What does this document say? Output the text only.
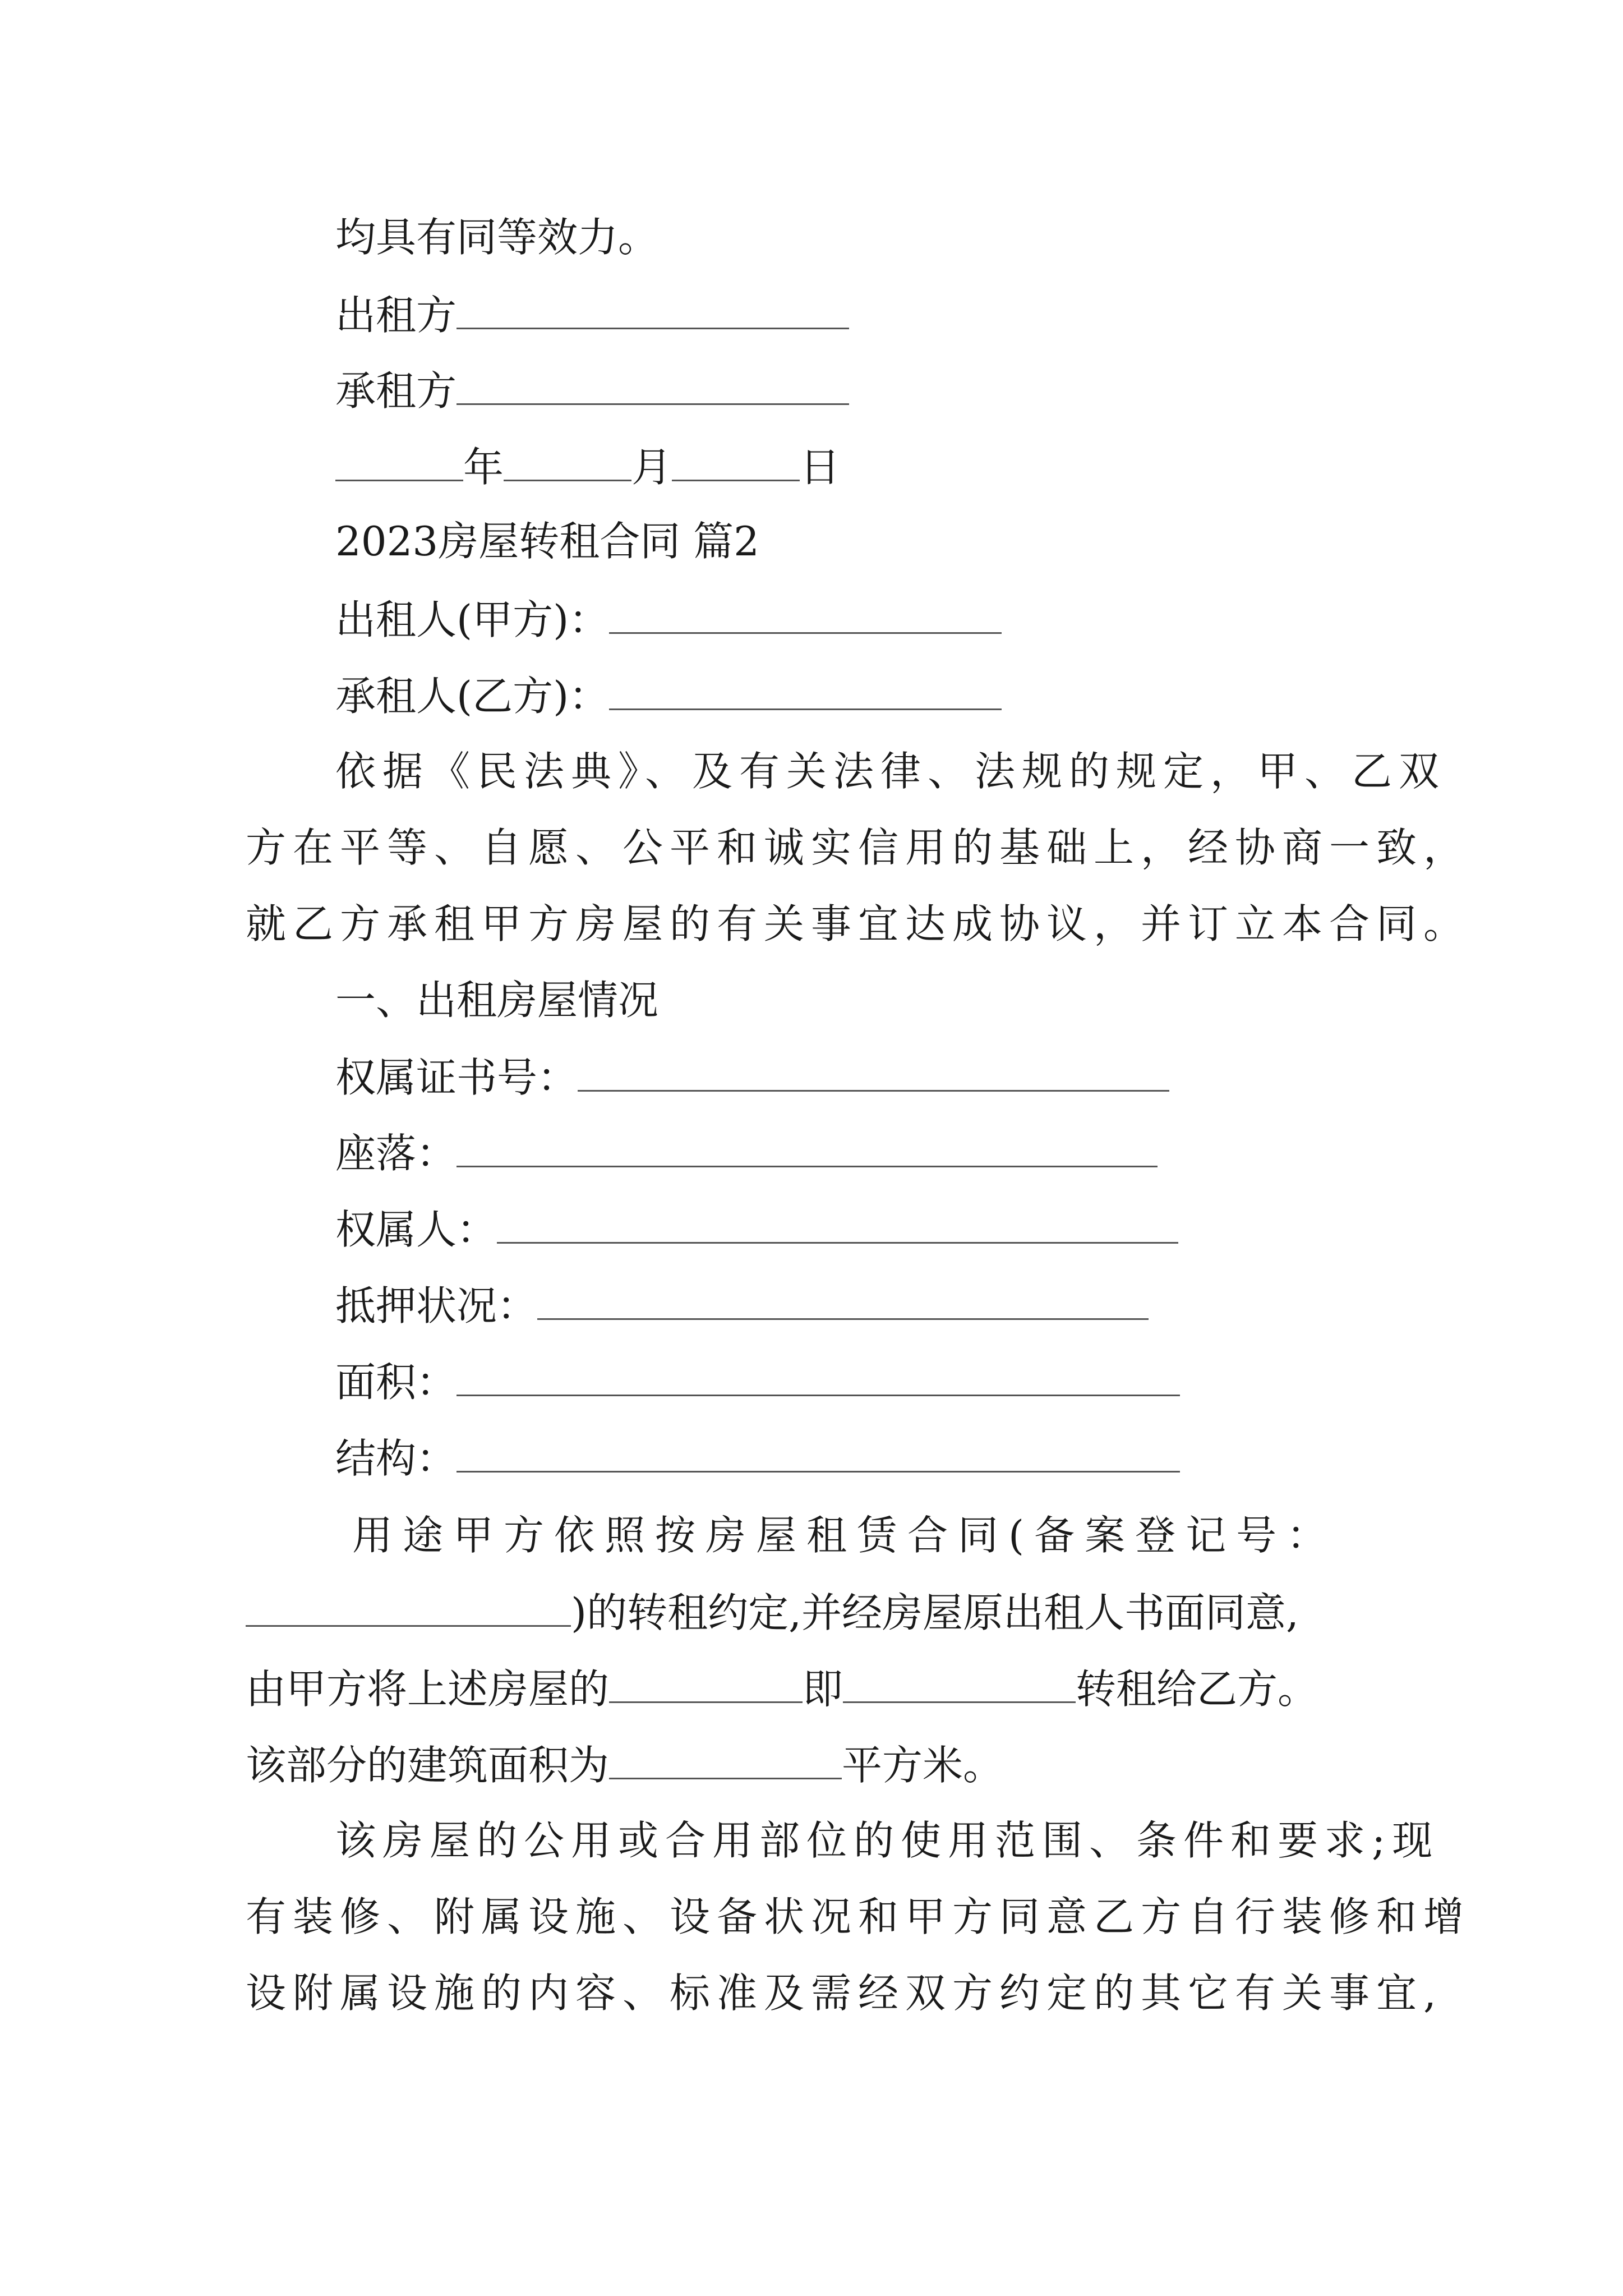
均具有同等效力。
出租方
承租方
年	月	日
2023房屋转租合同 篇2
出租人(甲方)：
承租人(乙方)：
依据《民法典》、及有关法律、法规的规定，甲、乙双
方在平等、自愿、公平和诚实信用的基础上，经协商一致，
就乙方承租甲方房屋的有关事宜达成协议，并订立本合同。
一、出租房屋情况
权属证书号：
座落：
权属人：
抵押状况：
面积：
结构：
用途甲方依照按房屋租赁合同(备案登记号：
)的转租约定,并经房屋原出租人书面同意,
由甲方将上述房屋的	即	转租给乙方。
该部分的建筑面积为	平方米。
该房屋的公用或合用部位的使用范围、条件和要求;现
有装修、附属设施、设备状况和甲方同意乙方自行装修和增
设附属设施的内容、标准及需经双方约定的其它有关事宜,
